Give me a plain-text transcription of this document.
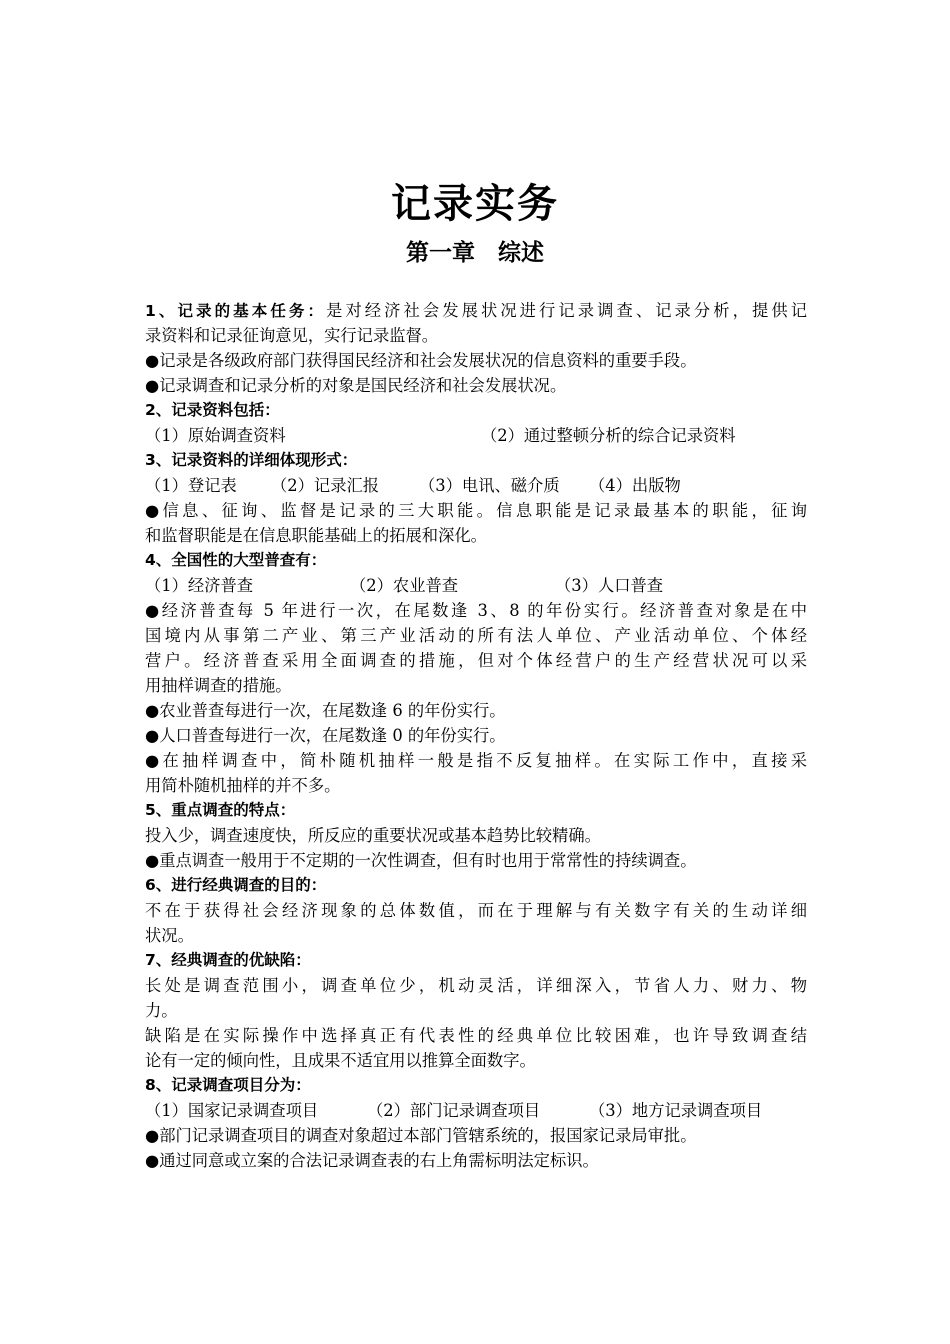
记录实务
第一章　综述
1、记录的基本任务：是对经济社会发展状况进行记录调查、记录分析，提供记
录资料和记录征询意见，实行记录监督。
●记录是各级政府部门获得国民经济和社会发展状况的信息资料的重要手段。
●记录调查和记录分析的对象是国民经济和社会发展状况。
2、记录资料包括：
（1）原始调查资料	（2）通过整顿分析的综合记录资料
3、记录资料的详细体现形式：
（1）登记表	（2）记录汇报	（3）电讯、磁介质	（4）出版物
●信息、征询、监督是记录的三大职能。信息职能是记录最基本的职能，征询
和监督职能是在信息职能基础上的拓展和深化。
4、全国性的大型普查有：
（1）经济普查	（2）农业普查	（3）人口普查
●经济普查每 5 年进行一次，在尾数逢 3、8 的年份实行。经济普查对象是在中
国境内从事第二产业、第三产业活动的所有法人单位、产业活动单位、个体经
营户。经济普查采用全面调查的措施，但对个体经营户的生产经营状况可以采
用抽样调查的措施。
●农业普查每进行一次，在尾数逢 6 的年份实行。
●人口普查每进行一次，在尾数逢 0 的年份实行。
●在抽样调查中，简朴随机抽样一般是指不反复抽样。在实际工作中，直接采
用简朴随机抽样的并不多。
5、重点调查的特点：
投入少，调查速度快，所反应的重要状况或基本趋势比较精确。
●重点调查一般用于不定期的一次性调查，但有时也用于常常性的持续调查。
6、进行经典调查的目的：
不在于获得社会经济现象的总体数值，而在于理解与有关数字有关的生动详细
状况。
7、经典调查的优缺陷：
长处是调查范围小，调查单位少，机动灵活，详细深入，节省人力、财力、物
力。
缺陷是在实际操作中选择真正有代表性的经典单位比较困难，也许导致调查结
论有一定的倾向性，且成果不适宜用以推算全面数字。
8、记录调查项目分为：
（1）国家记录调查项目	（2）部门记录调查项目	（3）地方记录调查项目
●部门记录调查项目的调查对象超过本部门管辖系统的，报国家记录局审批。
●通过同意或立案的合法记录调查表的右上角需标明法定标识。
